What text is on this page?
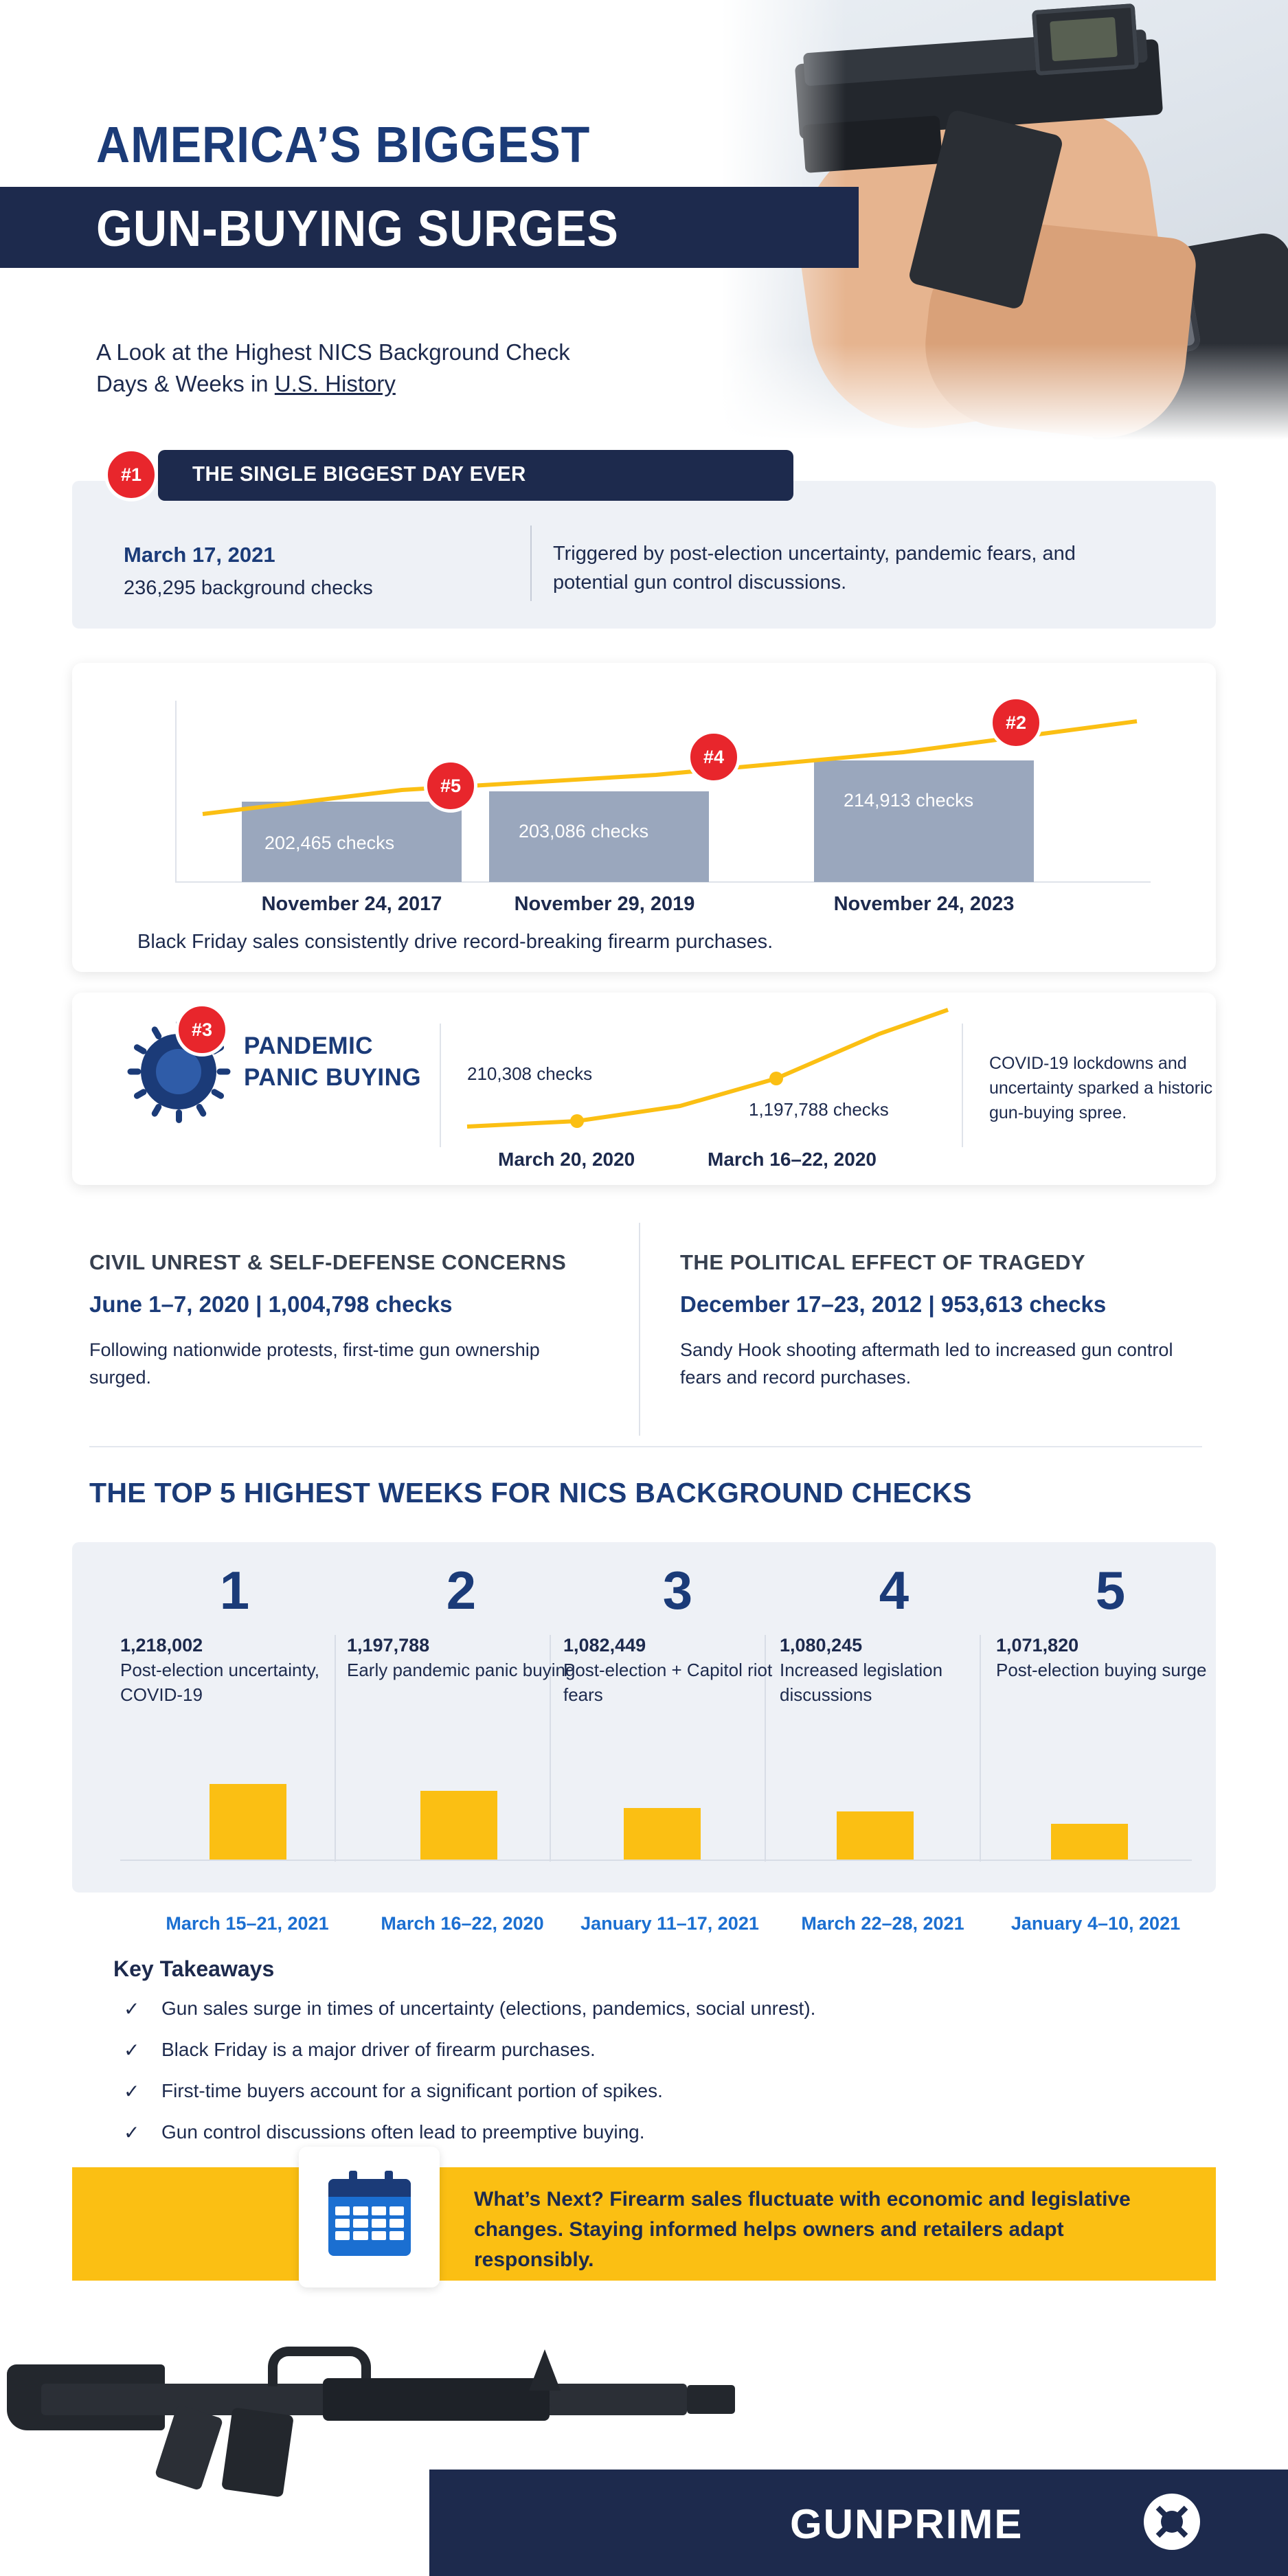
AMERICA’S BIGGEST
GUN-BUYING SURGES
A Look at the Highest NICS Background Check
Days & Weeks in U.S. History
THE SINGLE BIGGEST DAY EVER
#1
March 17, 2021
236,295 background checks
Triggered by post-election uncertainty, pandemic fears, and potential gun control discussions.
202,465 checks
203,086 checks
214,913 checks
#5
#4
#2
November 24, 2017	November 29, 2019	November 24, 2023
Black Friday sales consistently drive record-breaking firearm purchases.
#3
PANDEMIC
PANIC BUYING	210,308 checks
1,197,788 checks
March 20, 2020	March 16–22, 2020
COVID-19 lockdowns and uncertainty sparked a historic gun-buying spree.
CIVIL UNREST & SELF-DEFENSE CONCERNS
June 1–7, 2020 | 1,004,798 checks
Following nationwide protests, first-time gun ownership surged.
THE POLITICAL EFFECT OF TRAGEDY
December 17–23, 2012 | 953,613 checks
Sandy Hook shooting aftermath led to increased gun control fears and record purchases.
THE TOP 5 HIGHEST WEEKS FOR NICS BACKGROUND CHECKS
1
1,218,002
Post-election uncertainty, COVID-19
2
1,197,788
Early pandemic panic buying
3
1,082,449
Post-election + Capitol riot fears
4
1,080,245
Increased legislation discussions
5
1,071,820
Post-election buying surge
March 15–21, 2021	March 16–22, 2020	January 11–17, 2021	March 22–28, 2021	January 4–10, 2021
Key Takeaways
✓ Gun sales surge in times of uncertainty (elections, pandemics, social unrest).
✓ Black Friday is a major driver of firearm purchases.
✓ First-time buyers account for a significant portion of spikes.
✓ Gun control discussions often lead to preemptive buying.
What’s Next? Firearm sales fluctuate with economic and legislative changes. Staying informed helps owners and retailers adapt responsibly.
GUNPRIME
